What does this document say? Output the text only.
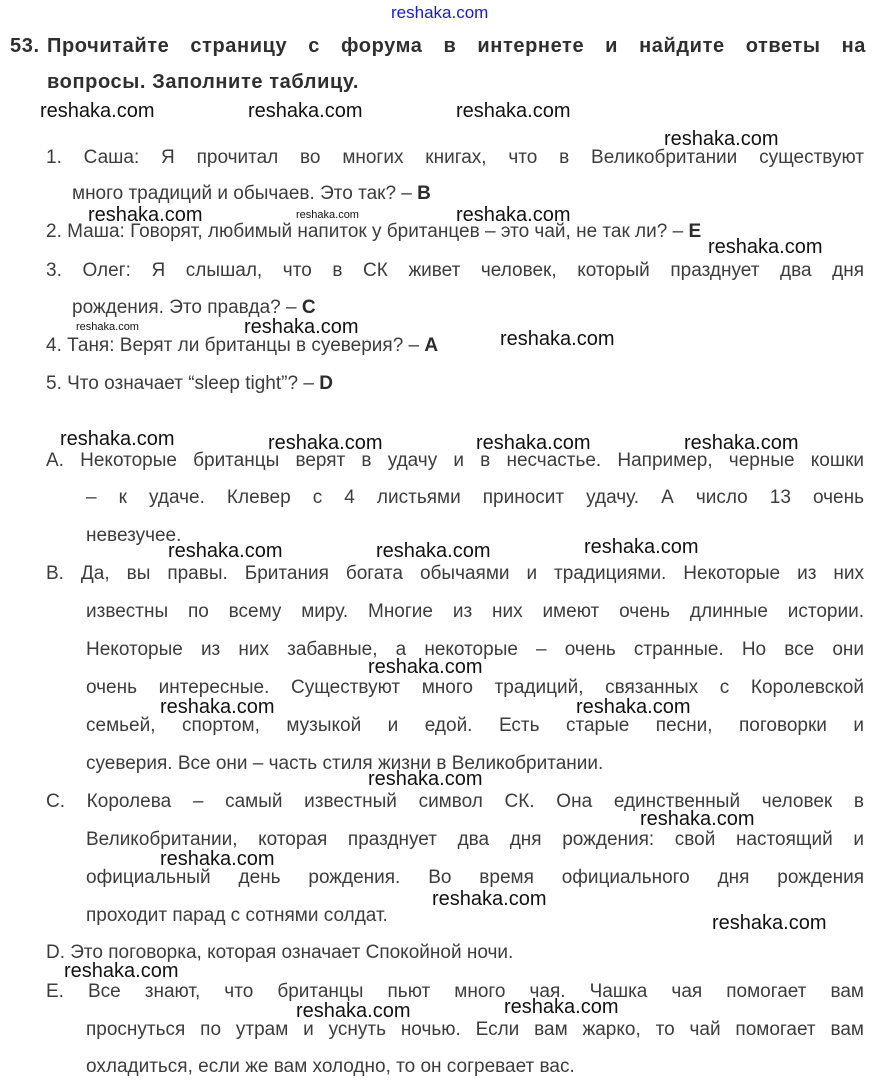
reshaka.com
53. Прочитайте страницу с форума в интернете и найдите ответы на
вопросы. Заполните таблицу.
1. Саша: Я прочитал во многих книгах, что в Великобритании существуют
много традиций и обычаев. Это так? – B
2. Маша: Говорят, любимый напиток у британцев – это чай, не так ли? – E
3. Олег: Я слышал, что в СК живет человек, который празднует два дня
рождения. Это правда? – C
4. Таня: Верят ли британцы в суеверия? – A
5. Что означает “sleep tight”? – D
A. Некоторые британцы верят в удачу и в несчастье. Например, черные кошки
– к удаче. Клевер с 4 листьями приносит удачу. А число 13 очень
невезучее.
B. Да, вы правы. Британия богата обычаями и традициями. Некоторые из них
известны по всему миру. Многие из них имеют очень длинные истории.
Некоторые из них забавные, а некоторые – очень странные. Но все они
очень интересные. Существуют много традиций, связанных с Королевской
семьей, спортом, музыкой и едой. Есть старые песни, поговорки и
суеверия. Все они – часть стиля жизни в Великобритании.
C. Королева – самый известный символ СК. Она единственный человек в
Великобритании, которая празднует два дня рождения: свой настоящий и
официальный день рождения. Во время официального дня рождения
проходит парад с сотнями солдат.
D. Это поговорка, которая означает Спокойной ночи.
E. Все знают, что британцы пьют много чая. Чашка чая помогает вам
проснуться по утрам и уснуть ночью. Если вам жарко, то чай помогает вам
охладиться, если же вам холодно, то он согревает вас.
reshaka.com	reshaka.com	reshaka.com
reshaka.com
reshaka.com	reshaka.com	reshaka.com
reshaka.com
reshaka.com	reshaka.com
reshaka.com
reshaka.com	reshaka.com	reshaka.com	reshaka.com
reshaka.com	reshaka.com	reshaka.com
reshaka.com
reshaka.com	reshaka.com
reshaka.com
reshaka.com
reshaka.com
reshaka.com
reshaka.com
reshaka.com
reshaka.com	reshaka.com
